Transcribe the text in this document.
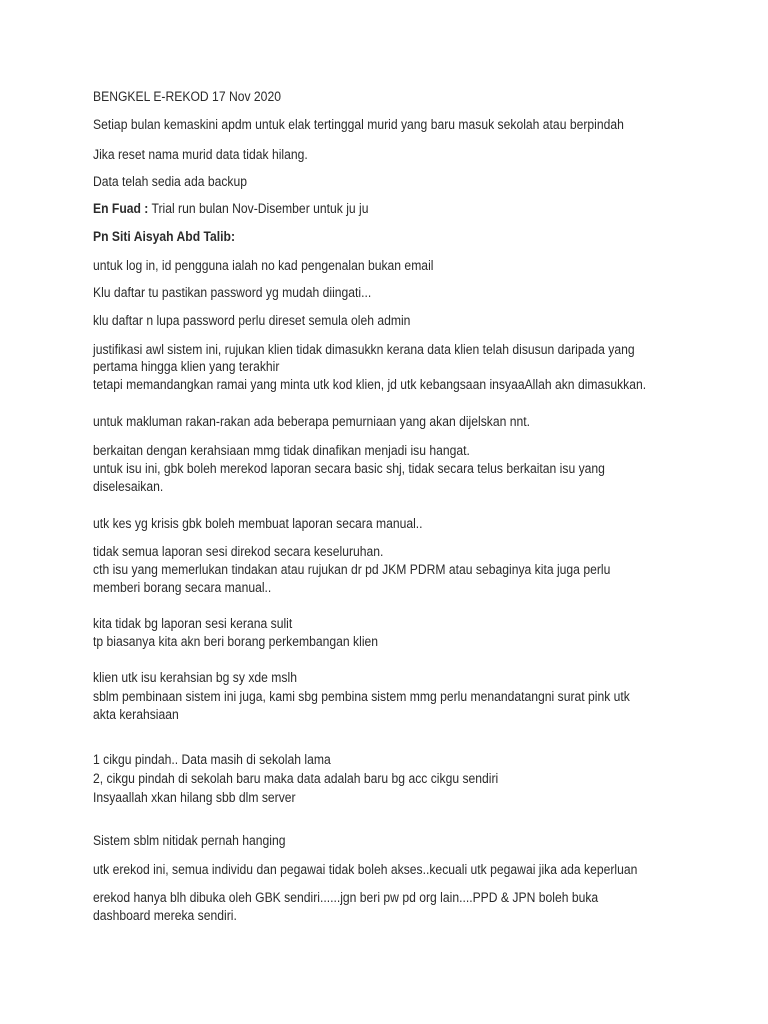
BENGKEL E-REKOD 17 Nov 2020
Setiap bulan kemaskini apdm untuk elak tertinggal murid yang baru masuk sekolah atau berpindah
Jika reset nama murid data tidak hilang.
Data telah sedia ada backup
En Fuad : Trial run bulan Nov-Disember untuk ju ju
Pn Siti Aisyah Abd Talib:
untuk log in, id pengguna ialah no kad pengenalan bukan email
Klu daftar tu pastikan password yg mudah diingati...
klu daftar n lupa password perlu direset semula oleh admin
justifikasi awl sistem ini, rujukan klien tidak dimasukkn kerana data klien telah disusun daripada yang
pertama hingga klien yang terakhir
tetapi memandangkan ramai yang minta utk kod klien, jd utk kebangsaan insyaaAllah akn dimasukkan.
untuk makluman rakan-rakan ada beberapa pemurniaan yang akan dijelskan nnt.
berkaitan dengan kerahsiaan mmg tidak dinafikan menjadi isu hangat.
untuk isu ini, gbk boleh merekod laporan secara basic shj, tidak secara telus berkaitan isu yang
diselesaikan.
utk kes yg krisis gbk boleh membuat laporan secara manual..
tidak semua laporan sesi direkod secara keseluruhan.
cth isu yang memerlukan tindakan atau rujukan dr pd JKM PDRM atau sebaginya kita juga perlu
memberi borang secara manual..
kita tidak bg laporan sesi kerana sulit
tp biasanya kita akn beri borang perkembangan klien
klien utk isu kerahsian bg sy xde mslh
sblm pembinaan sistem ini juga, kami sbg pembina sistem mmg perlu menandatangni surat pink utk
akta kerahsiaan
1 cikgu pindah.. Data masih di sekolah lama
2, cikgu pindah di sekolah baru maka data adalah baru bg acc cikgu sendiri
Insyaallah xkan hilang sbb dlm server
Sistem sblm nitidak pernah hanging
utk erekod ini, semua individu dan pegawai tidak boleh akses..kecuali utk pegawai jika ada keperluan
erekod hanya blh dibuka oleh GBK sendiri......jgn beri pw pd org lain....PPD & JPN boleh buka
dashboard mereka sendiri.
